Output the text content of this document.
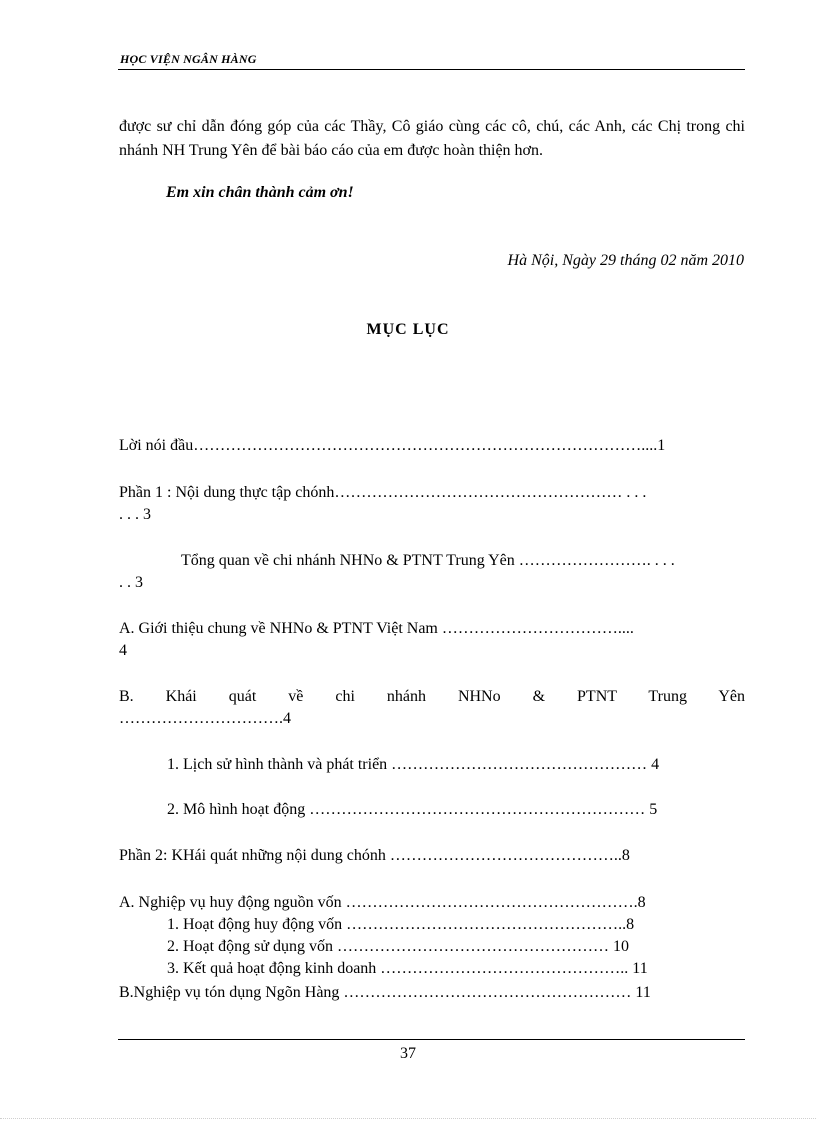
HỌC VIỆN NGÂN HÀNG
được sư chỉ dẫn đóng góp của các Thầy, Cô giáo cùng các cô, chú, các Anh, các Chị trong chi nhánh NH Trung Yên để bài báo cáo của em được hoàn thiện hơn.
Em xin chân thành cảm ơn!
Hà Nội, Ngày 29 tháng 02 năm 2010
MỤC LỤC
Lời nói đầu…………………………………………………………………………....1
Phần 1 : Nội dung thực tập chónh……………………………………………… . . .
. . . 3
Tổng quan về chi nhánh NHNo & PTNT Trung Yên ……………………. . . .
. . 3
A. Giới thiệu chung về NHNo & PTNT Việt Nam ……………………………....
4
B. Khái quát về chi nhánh NHNo & PTNT Trung Yên
………………………….4
1. Lịch sử hình thành và phát triển ………………………………………… 4
2. Mô hình hoạt động ……………………………………………………… 5
Phần 2: KHái quát những nội dung chónh ……………………………………..8
A. Nghiệp vụ huy động nguồn vốn ……………………………………………….8
1. Hoạt động huy động vốn ……………………………………………..8
2. Hoạt động sử dụng vốn …………………………………………… 10
3. Kết quả hoạt động kinh doanh ……………………………………….. 11
B.Nghiệp vụ tón dụng Ngõn Hàng ……………………………………………… 11
37
